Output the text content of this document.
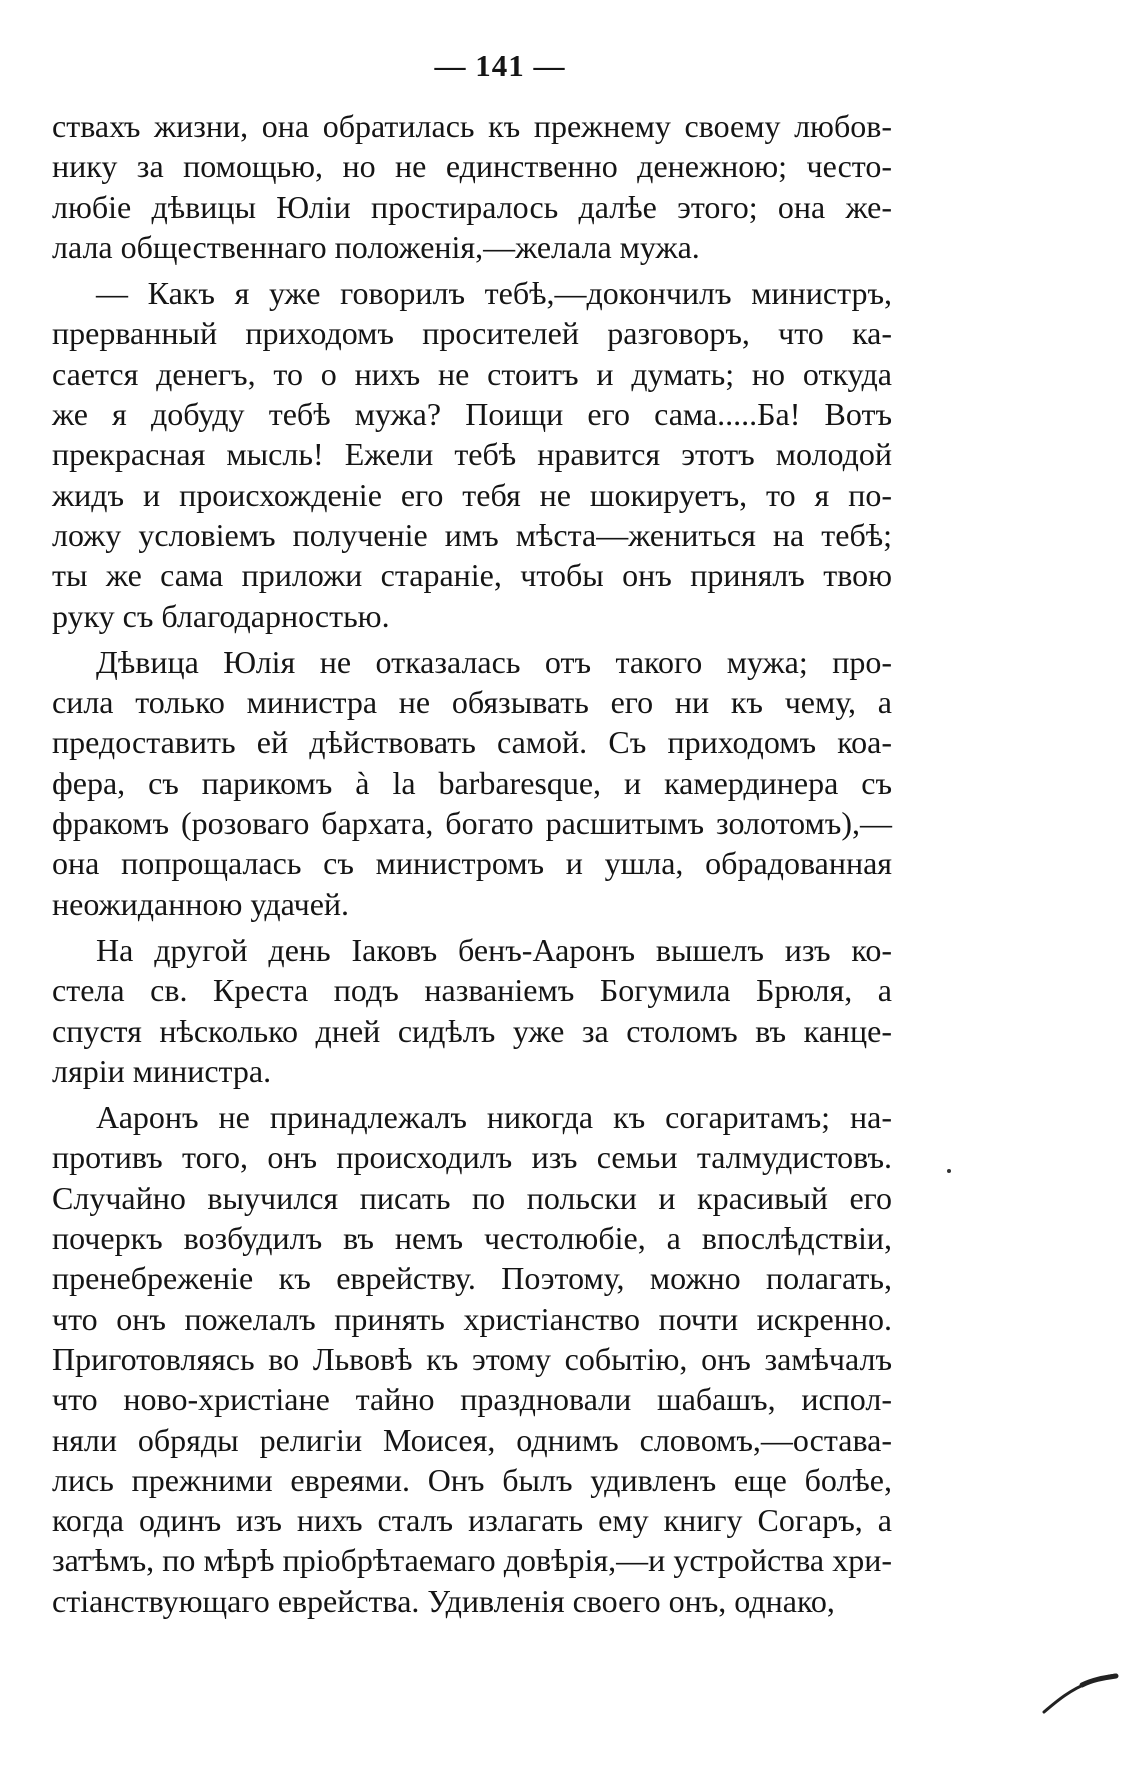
— 141 —
ствахъ жизни, она обратилась къ прежнему своему любов-
нику за помощью, но не единственно денежною; често-
любіе дѣвицы Юліи простиралось далѣе этого; она же-
лала общественнаго положенія,—желала мужа.
— Какъ я уже говорилъ тебѣ,—докончилъ министръ,
прерванный приходомъ просителей разговоръ, что ка-
сается денегъ, то о нихъ не стоитъ и думать; но откуда
же я добуду тебѣ мужа? Поищи его сама.....Ба! Вотъ
прекрасная мысль! Ежели тебѣ нравится этотъ молодой
жидъ и происхожденіе его тебя не шокируетъ, то я по-
ложу условіемъ полученіе имъ мѣста—жениться на тебѣ;
ты же сама приложи стараніе, чтобы онъ принялъ твою
руку съ благодарностью.
Дѣвица Юлія не отказалась отъ такого мужа; про-
сила только министра не обязывать его ни къ чему, а
предоставить ей дѣйствовать самой. Съ приходомъ коа-
фера, съ парикомъ à la barbaresque, и камердинера съ
фракомъ (розоваго бархата, богато расшитымъ золотомъ),—
она попрощалась съ министромъ и ушла, обрадованная
неожиданною удачей.
На другой день Іаковъ бенъ-Ааронъ вышелъ изъ ко-
стела св. Креста подъ названіемъ Богумила Брюля, а
спустя нѣсколько дней сидѣлъ уже за столомъ въ канце-
ляріи министра.
Ааронъ не принадлежалъ никогда къ согаритамъ; на-
противъ того, онъ происходилъ изъ семьи талмудистовъ.
Случайно выучился писать по польски и красивый его
почеркъ возбудилъ въ немъ честолюбіе, а впослѣдствіи,
пренебреженіе къ еврейству. Поэтому, можно полагать,
что онъ пожелалъ принять христіанство почти искренно.
Приготовляясь во Львовѣ къ этому событію, онъ замѣчалъ
что ново-христіане тайно праздновали шабашъ, испол-
няли обряды религіи Моисея, однимъ словомъ,—остава-
лись прежними евреями. Онъ былъ удивленъ еще болѣе,
когда одинъ изъ нихъ сталъ излагать ему книгу Согаръ, а
затѣмъ, по мѣрѣ пріобрѣтаемаго довѣрія,—и устройства хри-
стіанствующаго еврейства. Удивленія своего онъ, однако,
